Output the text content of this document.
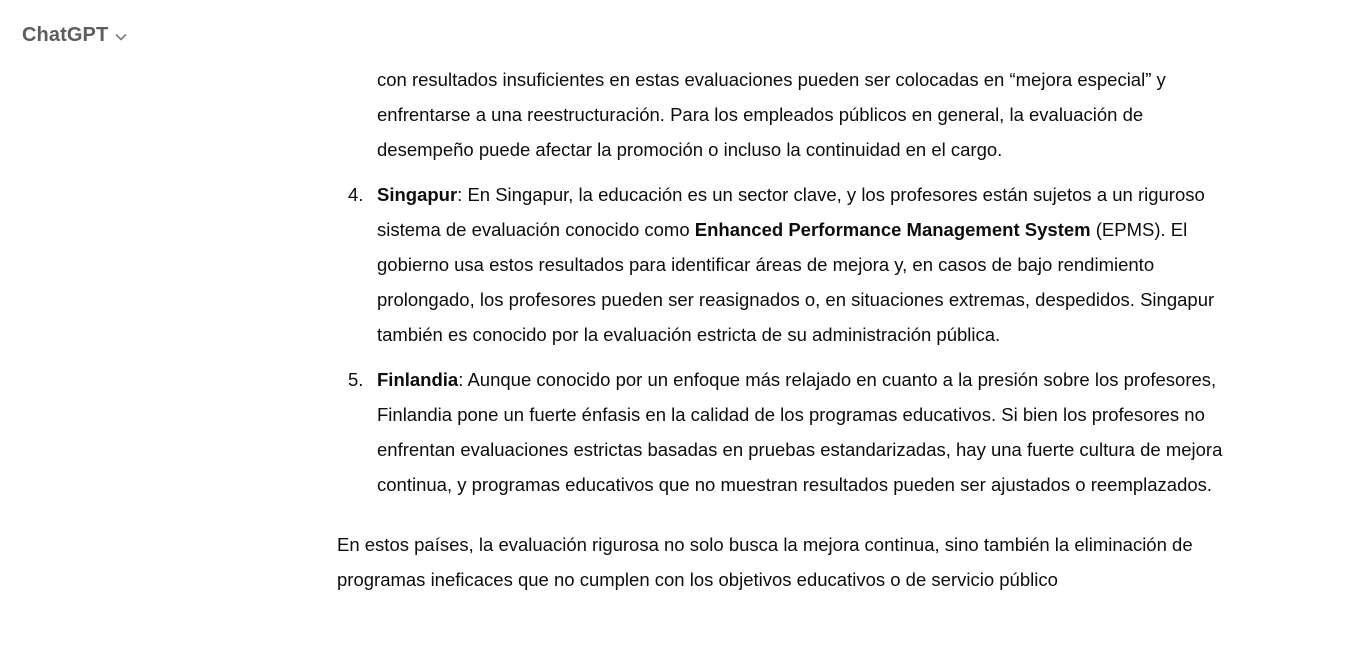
ChatGPT

con resultados insuficientes en estas evaluaciones pueden ser colocadas en “mejora especial” y enfrentarse a una reestructuración. Para los empleados públicos en general, la evaluación de desempeño puede afectar la promoción o incluso la continuidad en el cargo.

4. Singapur: En Singapur, la educación es un sector clave, y los profesores están sujetos a un riguroso sistema de evaluación conocido como Enhanced Performance Management System (EPMS). El gobierno usa estos resultados para identificar áreas de mejora y, en casos de bajo rendimiento prolongado, los profesores pueden ser reasignados o, en situaciones extremas, despedidos. Singapur también es conocido por la evaluación estricta de su administración pública.

5. Finlandia: Aunque conocido por un enfoque más relajado en cuanto a la presión sobre los profesores, Finlandia pone un fuerte énfasis en la calidad de los programas educativos. Si bien los profesores no enfrentan evaluaciones estrictas basadas en pruebas estandarizadas, hay una fuerte cultura de mejora continua, y programas educativos que no muestran resultados pueden ser ajustados o reemplazados.

En estos países, la evaluación rigurosa no solo busca la mejora continua, sino también la eliminación de programas ineficaces que no cumplen con los objetivos educativos o de servicio público
